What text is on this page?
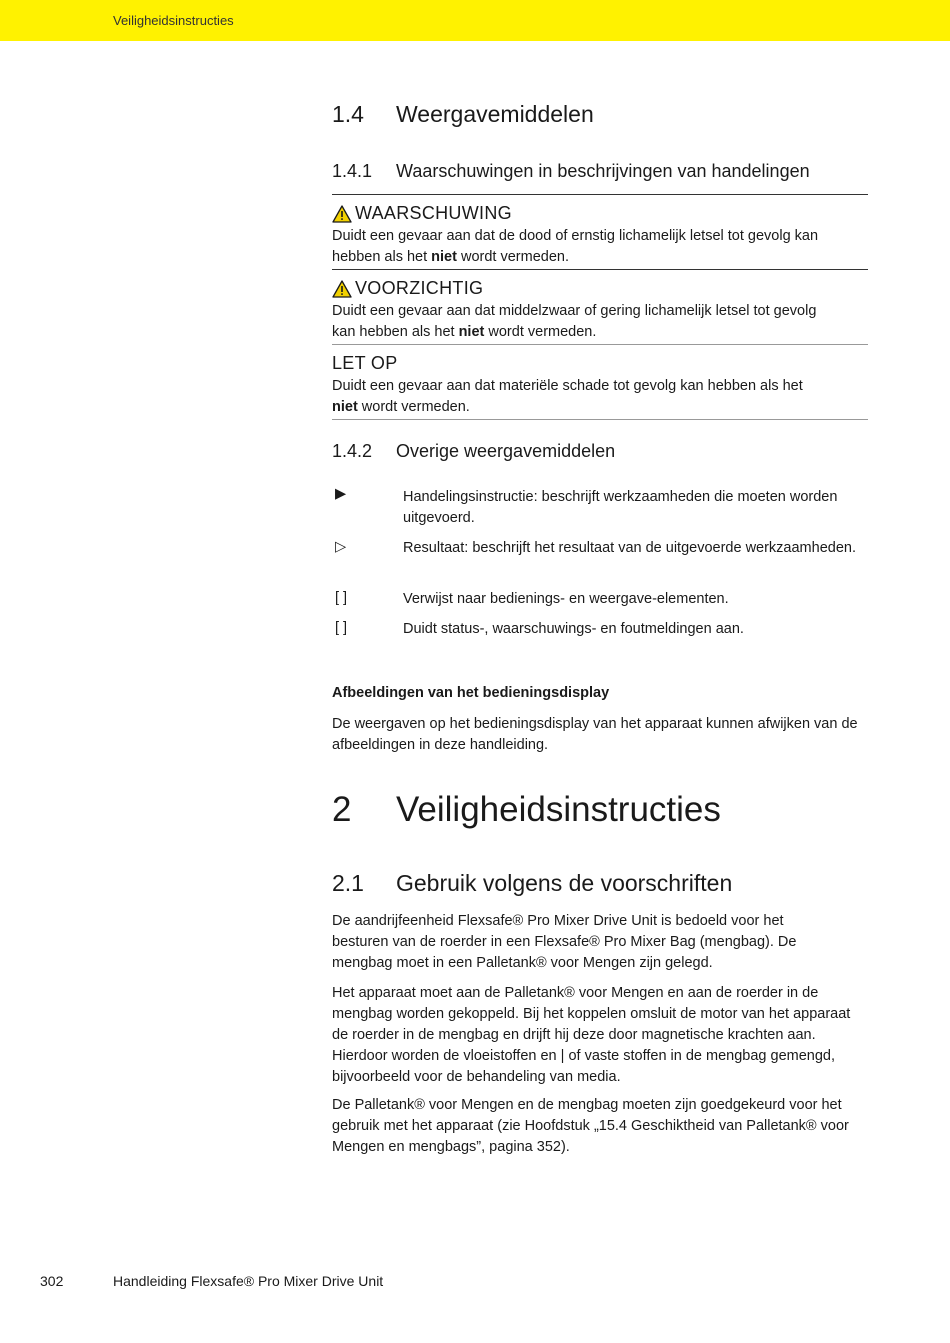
Veiligheidsinstructies
1.4 Weergavemiddelen
1.4.1 Waarschuwingen in beschrijvingen van handelingen
WAARSCHUWING
Duidt een gevaar aan dat de dood of ernstig lichamelijk letsel tot gevolg kan
hebben als het niet wordt vermeden.
VOORZICHTIG
Duidt een gevaar aan dat middelzwaar of gering lichamelijk letsel tot gevolg
kan hebben als het niet wordt vermeden.
LET OP
Duidt een gevaar aan dat materiële schade tot gevolg kan hebben als het
niet wordt vermeden.
1.4.2 Overige weergavemiddelen
▶	Handelingsinstructie: beschrijft werkzaamheden die moeten worden uitgevoerd.
▷	Resultaat: beschrijft het resultaat van de uitgevoerde werkzaamheden.
[ ]	Verwijst naar bedienings- en weergave-elementen.
[ ]	Duidt status-, waarschuwings- en foutmeldingen aan.
Afbeeldingen van het bedieningsdisplay
De weergaven op het bedieningsdisplay van het apparaat kunnen afwijken van de afbeeldingen in deze handleiding.
2 Veiligheidsinstructies
2.1 Gebruik volgens de voorschriften
De aandrijfeenheid Flexsafe® Pro Mixer Drive Unit is bedoeld voor het besturen van de roerder in een Flexsafe® Pro Mixer Bag (mengbag). De mengbag moet in een Palletank® voor Mengen zijn gelegd.
Het apparaat moet aan de Palletank® voor Mengen en aan de roerder in de mengbag worden gekoppeld. Bij het koppelen omsluit de motor van het apparaat de roerder in de mengbag en drijft hij deze door magnetische krachten aan. Hierdoor worden de vloeistoffen en | of vaste stoffen in de mengbag gemengd, bijvoorbeeld voor de behandeling van media.
De Palletank® voor Mengen en de mengbag moeten zijn goedgekeurd voor het gebruik met het apparaat (zie Hoofdstuk „15.4 Geschiktheid van Palletank® voor Mengen en mengbags”, pagina 352).
302	Handleiding Flexsafe® Pro Mixer Drive Unit
